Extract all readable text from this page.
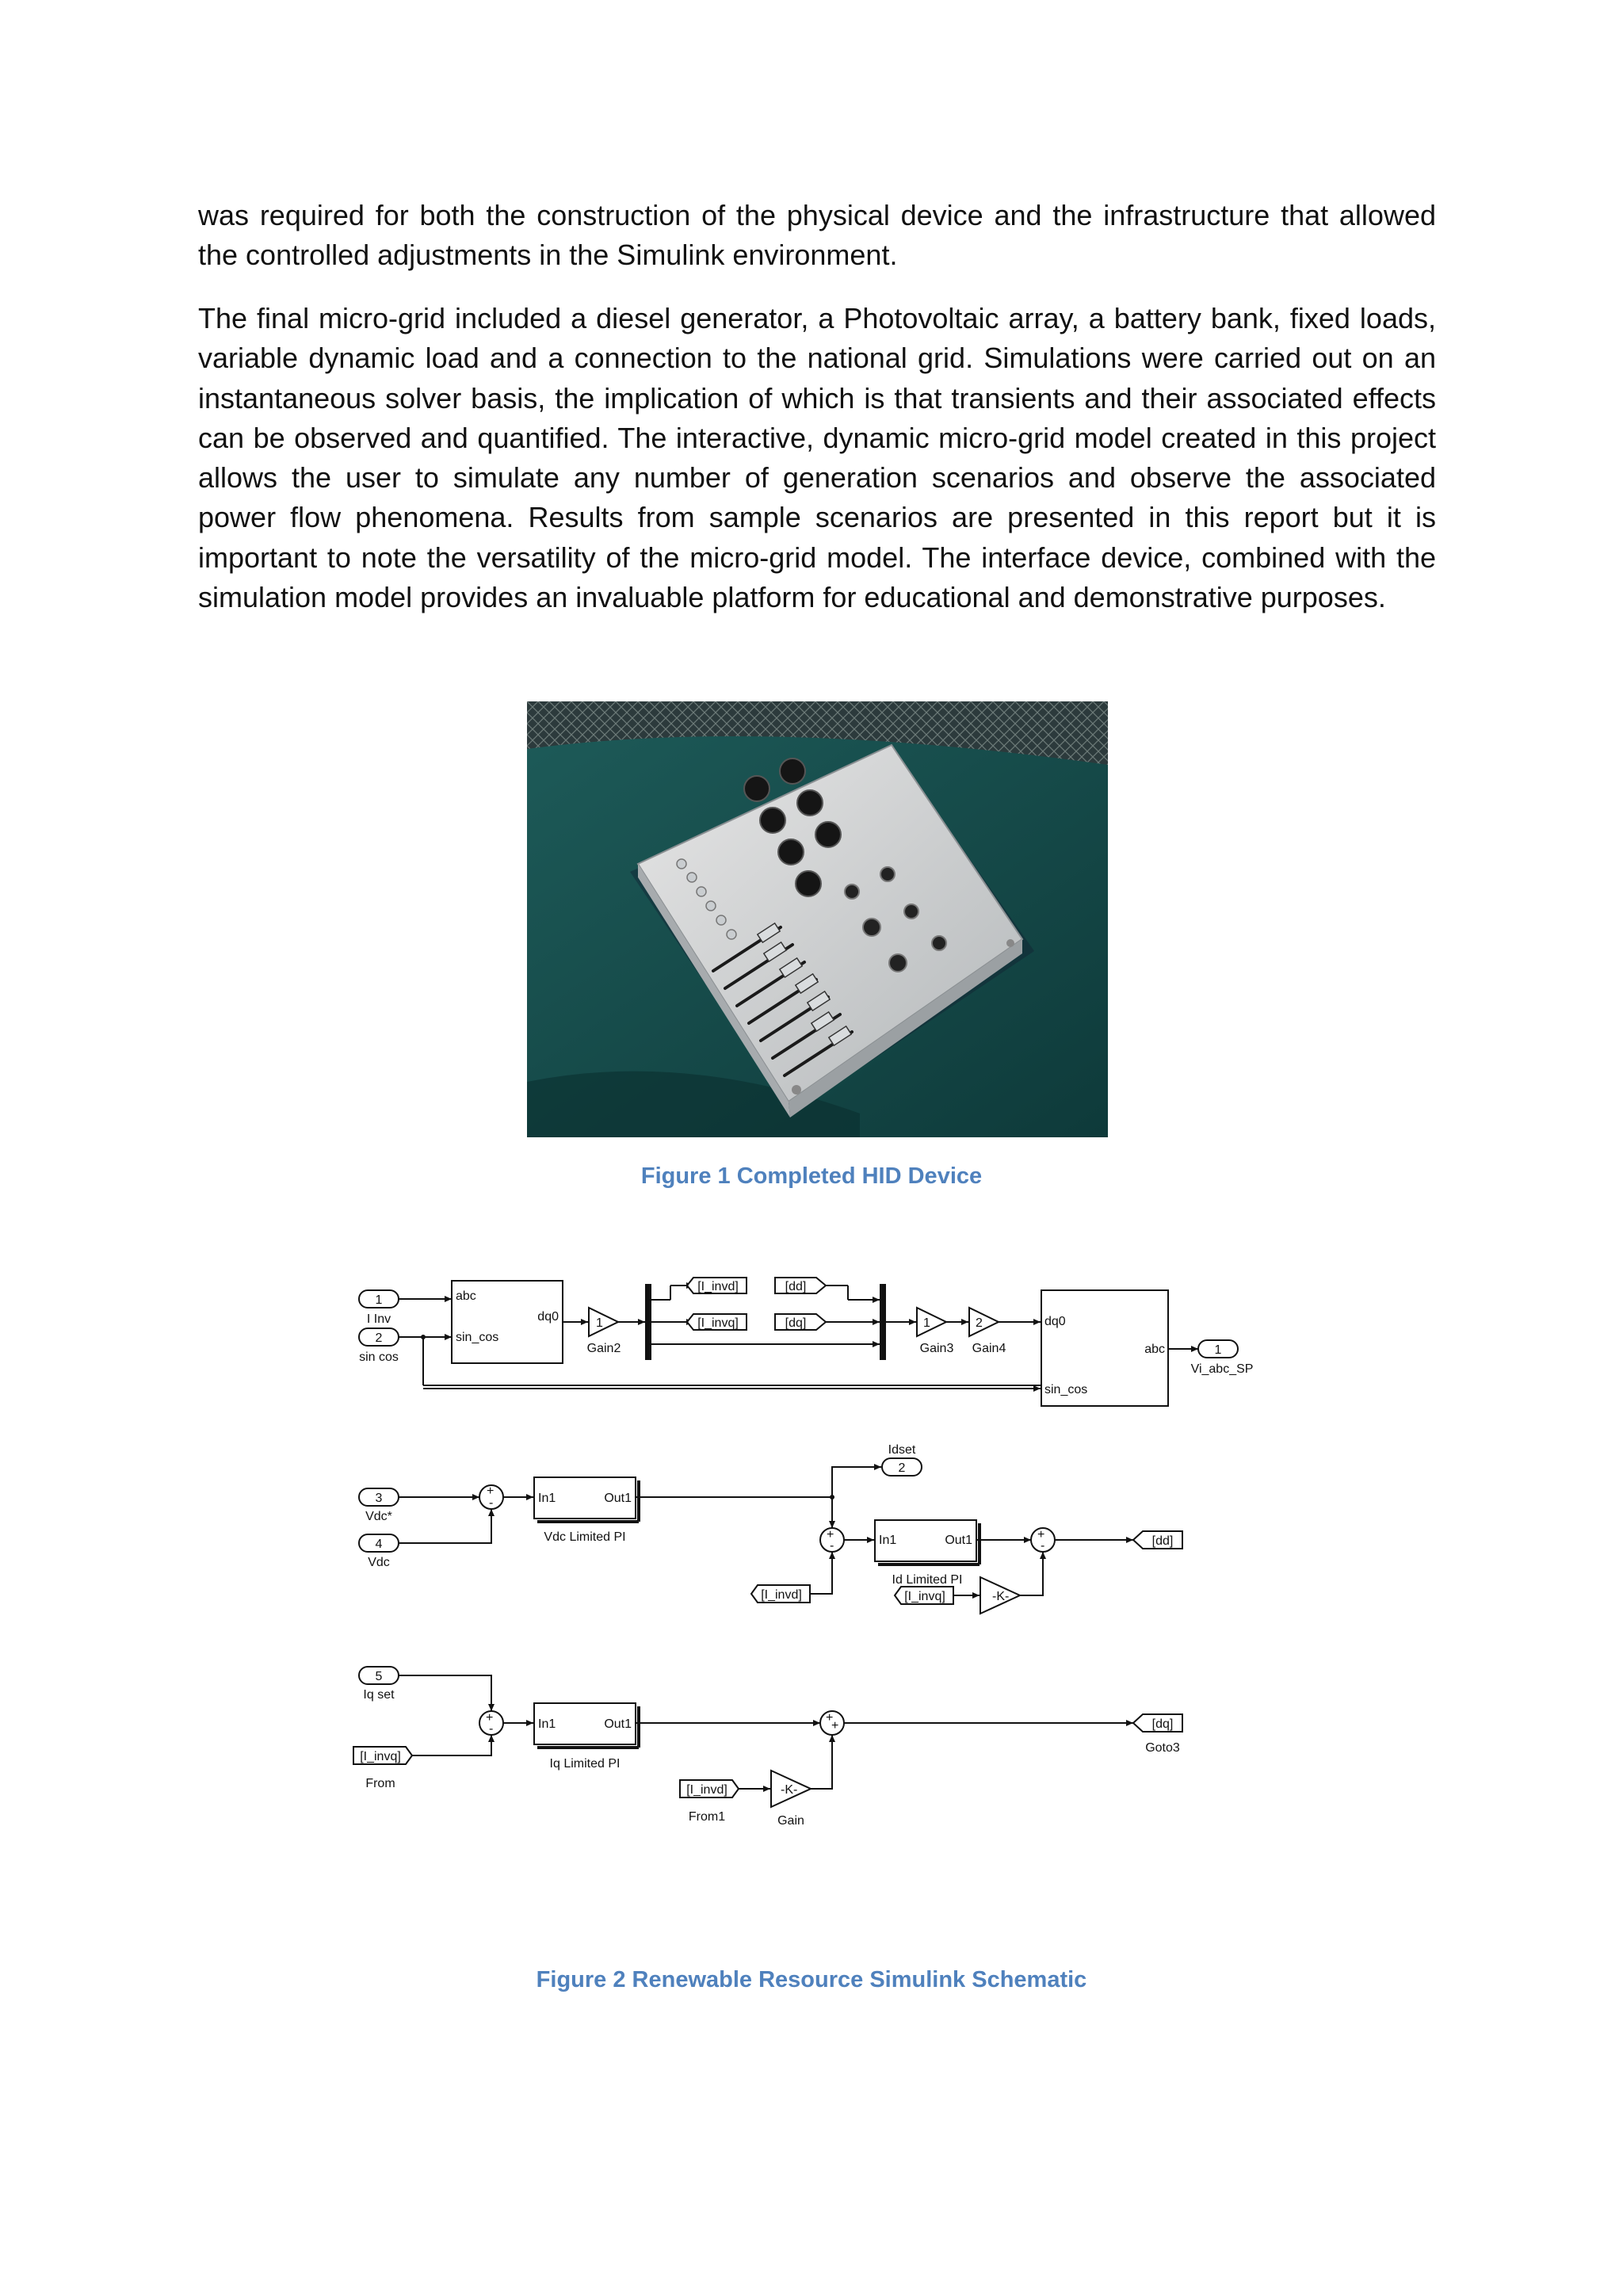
was required for both the construction of the physical device and the infrastructure that allowed the controlled adjustments in the Simulink environment.

The final micro-grid included a diesel generator, a Photovoltaic array, a battery bank, fixed loads, variable dynamic load and a connection to the national grid. Simulations were carried out on an instantaneous solver basis, the implication of which is that transients and their associated effects can be observed and quantified. The interactive, dynamic micro-grid model created in this project allows the user to simulate any number of generation scenarios and observe the associated power flow phenomena. Results from sample scenarios are presented in this report but it is important to note the versatility of the micro-grid model. The interface device, combined with the simulation model provides an invaluable platform for educational and demonstrative purposes.

Figure 1 Completed HID Device

1
I Inv
2
sin cos
abc
sin_cos
dq0	1
Gain2
[I_invd]
[I_invq]
[dd]
[dq]	1
Gain3
2
Gain4
dq0
sin_cos
abc	1
Vi_abc_SP
Idset
2
3
Vdc*
4
Vdc
+
-	In1	Out1
Vdc Limited PI	+
-
[I_invd]
In1	Out1
Id Limited PI
+
-
[I_invq]	-K-
[dd]
5
Iq set
+
-
[I_invq]
From
In1	Out1
Iq Limited PI
+
+
[I_invd]
From1
-K-
Gain
[dq]
Goto3

Figure 2 Renewable Resource Simulink Schematic
